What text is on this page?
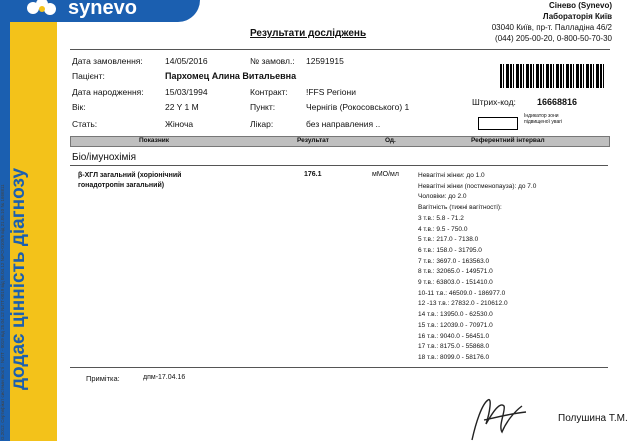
додає цінність діагнозу
G.2012. Сертифікат системи якості : №ПТ - 0019 від 25.04.12 №ПТ-0019 від 05.04.12 №РО-0109/6 від 21.05.10 № 1666811
synevo	Сінево (Synevo)
Лабораторія Київ
03040 Київ, пр-т. Палладіна 46/2
(044) 205-00-20, 0-800-50-70-30
Результати досліджень
Дата замовлення:	14/05/2016	№ замовл.: 12591915
Пацієнт:	Пархомец Алина Витальевна
Дата народження:	15/03/1994	Контракт: !FFS Регіони
Вік:	22 Y 1 M	Пункт:	Чернігів (Рокосовського) 1
Стать:	Жіноча	Лікар:	без направления ..
Штрих-код: 16668816
Індикатор зони підвищеної увагі
Показник	Результат	Од.	Референтний інтервал
Біо/імунохімія
β-ХГЛ загальний (хоріонічний гонадотропін загальний)
176.1	мМО/мл	Невагітні жінки: до 1.0
Невагітні жінки (постменопауза): до 7.0
Чоловіки: до 2.0
Вагітність (тижні вагітності):
3 т.в.: 5.8 - 71.2
4 т.в.: 9.5 - 750.0
5 т.в.: 217.0 - 7138.0
6 т.в.: 158.0 - 31795.0
7 т.в.: 3697.0 - 163563.0
8 т.в.: 32065.0 - 149571.0
9 т.в.: 63803.0 - 151410.0
10-11 т.в.: 46509.0 - 186977.0
12 -13 т.в.: 27832.0 - 210612.0
14 т.в.: 13950.0 - 62530.0
15 т.в.: 12039.0 - 70971.0
16 т.в.: 9040.0 - 56451.0
17 т.в.: 8175.0 - 55868.0
18 т.в.: 8099.0 - 58176.0
Примітка:	дпм-17.04.16
Полушина Т.М.
